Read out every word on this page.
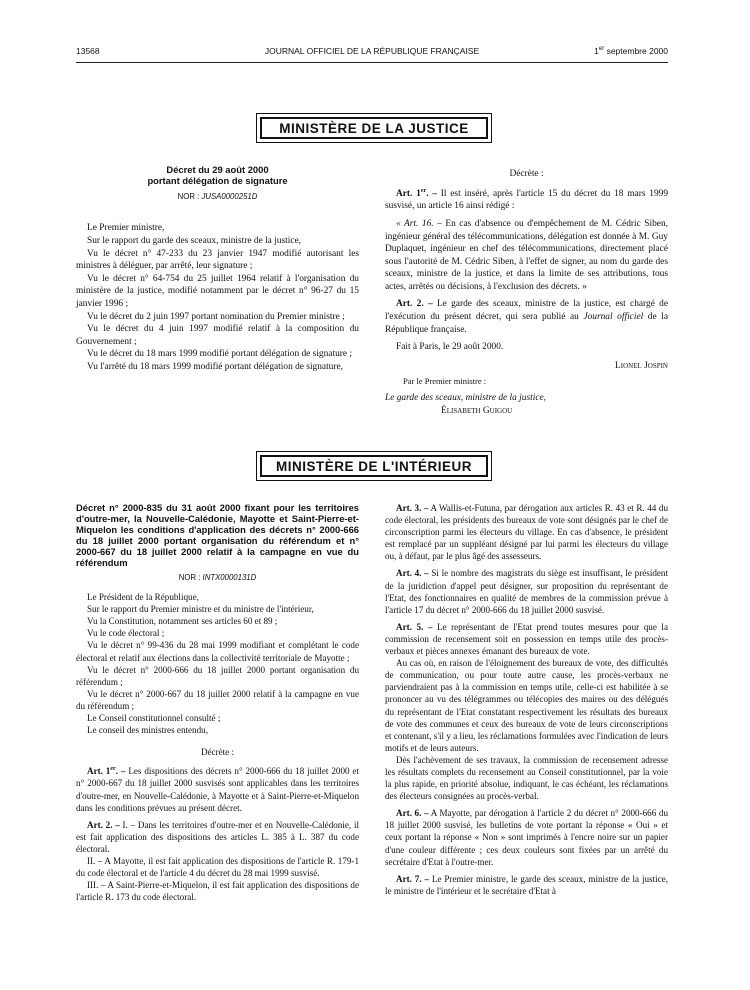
13568	JOURNAL OFFICIEL DE LA RÉPUBLIQUE FRANÇAISE	1er septembre 2000
MINISTÈRE DE LA JUSTICE
Décret du 29 août 2000
portant délégation de signature
NOR : JUSA0000251D

Le Premier ministre,

Sur le rapport du garde des sceaux, ministre de la justice,

Vu le décret n° 47-233 du 23 janvier 1947 modifié autorisant les ministres à déléguer, par arrêté, leur signature ;

Vu le décret n° 64-754 du 25 juillet 1964 relatif à l'organisation du ministère de la justice, modifié notamment par le décret n° 96-27 du 15 janvier 1996 ;

Vu le décret du 2 juin 1997 portant nomination du Premier ministre ;

Vu le décret du 4 juin 1997 modifié relatif à la composition du Gouvernement ;

Vu le décret du 18 mars 1999 modifié portant délégation de signature ;

Vu l'arrêté du 18 mars 1999 modifié portant délégation de signature,

Décrète :

Art. 1er. – Il est inséré, après l'article 15 du décret du 18 mars 1999 susvisé, un article 16 ainsi rédigé :

« Art. 16. – En cas d'absence ou d'empêchement de M. Cédric Siben, ingénieur général des télécommunications, délégation est donnée à M. Guy Duplaquet, ingénieur en chef des télécommunications, directement placé sous l'autorité de M. Cédric Siben, à l'effet de signer, au nom du garde des sceaux, ministre de la justice, et dans la limite de ses attributions, tous actes, arrêtés ou décisions, à l'exclusion des décrets. »

Art. 2. – Le garde des sceaux, ministre de la justice, est chargé de l'exécution du présent décret, qui sera publié au Journal officiel de la République française.

Fait à Paris, le 29 août 2000.

Lionel Jospin

Par le Premier ministre :

Le garde des sceaux, ministre de la justice,

Élisabeth Guigou

MINISTÈRE DE L'INTÉRIEUR
Décret n° 2000-835 du 31 août 2000 fixant pour les territoires d'outre-mer, la Nouvelle-Calédonie, Mayotte et Saint-Pierre-et-Miquelon les conditions d'application des décrets n° 2000-666 du 18 juillet 2000 portant organisation du référendum et n° 2000-667 du 18 juillet 2000 relatif à la campagne en vue du référendum
NOR : INTX0000131D

Le Président de la République,

Sur le rapport du Premier ministre et du ministre de l'intérieur,

Vu la Constitution, notamment ses articles 60 et 89 ;

Vu le code électoral ;

Vu le décret n° 99-436 du 28 mai 1999 modifiant et complétant le code électoral et relatif aux élections dans la collectivité territoriale de Mayotte ;

Vu le décret n° 2000-666 du 18 juillet 2000 portant organisation du référendum ;

Vu le décret n° 2000-667 du 18 juillet 2000 relatif à la campagne en vue du référendum ;

Le Conseil constitutionnel consulté ;

Le conseil des ministres entendu,

Décrète :

Art. 1er. – Les dispositions des décrets n° 2000-666 du 18 juillet 2000 et n° 2000-667 du 18 juillet 2000 susvisés sont applicables dans les territoires d'outre-mer, en Nouvelle-Calédonie, à Mayotte et à Saint-Pierre-et-Miquelon dans les conditions prévues au présent décret.

Art. 2. – I. – Dans les territoires d'outre-mer et en Nouvelle-Calédonie, il est fait application des dispositions des articles L. 385 à L. 387 du code électoral.

II. – A Mayotte, il est fait application des dispositions de l'article R. 179-1 du code électoral et de l'article 4 du décret du 28 mai 1999 susvisé.

III. – A Saint-Pierre-et-Miquelon, il est fait application des dispositions de l'article R. 173 du code électoral.

Art. 3. – A Wallis-et-Futuna, par dérogation aux articles R. 43 et R. 44 du code électoral, les présidents des bureaux de vote sont désignés par le chef de circonscription parmi les électeurs du village. En cas d'absence, le président est remplacé par un suppléant désigné par lui parmi les électeurs du village ou, à défaut, par le plus âgé des assesseurs.

Art. 4. – Si le nombre des magistrats du siège est insuffisant, le président de la juridiction d'appel peut désigner, sur proposition du représentant de l'Etat, des fonctionnaires en qualité de membres de la commission prévue à l'article 17 du décret n° 2000-666 du 18 juillet 2000 susvisé.

Art. 5. – Le représentant de l'Etat prend toutes mesures pour que la commission de recensement soit en possession en temps utile des procès-verbaux et pièces annexes émanant des bureaux de vote.

Au cas où, en raison de l'éloignement des bureaux de vote, des difficultés de communication, ou pour toute autre cause, les procès-verbaux ne parviendraient pas à la commission en temps utile, celle-ci est habilitée à se prononcer au vu des télégrammes ou télécopies des maires ou des délégués du représentant de l'Etat constatant respectivement les résultats des bureaux de vote des communes et ceux des bureaux de vote de leurs circonscriptions et contenant, s'il y a lieu, les réclamations formulées avec l'indication de leurs motifs et de leurs auteurs.

Dès l'achèvement de ses travaux, la commission de recensement adresse les résultats complets du recensement au Conseil constitutionnel, par la voie la plus rapide, en priorité absolue, indiquant, le cas échéant, les réclamations des électeurs consignées au procès-verbal.

Art. 6. – A Mayotte, par dérogation à l'article 2 du décret n° 2000-666 du 18 juillet 2000 susvisé, les bulletins de vote portant la réponse « Oui » et ceux portant la réponse « Non » sont imprimés à l'encre noire sur un papier d'une couleur différente ; ces deux couleurs sont fixées par un arrêté du secrétaire d'Etat à l'outre-mer.

Art. 7. – Le Premier ministre, le garde des sceaux, ministre de la justice, le ministre de l'intérieur et le secrétaire d'Etat à
